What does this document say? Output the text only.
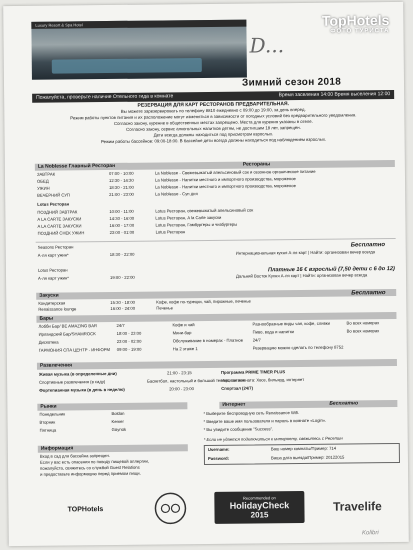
Luxury Resort & Spa Hotel
D...
TopHotels
ФОТО ТУРИСТА
Зимний сезон 2018
Пожалуйста, проверьте наличие Отельного гида в комнате	Время заселения 14:00 Время выселения 12:00
РЕЗЕРВАЦИЯ ДЛЯ КАРТ РЕСТОРАНОВ ПРЕДВАРИТЕЛЬНАЯ.
Вы можете зарезервировать по телефону 8810 ежедневно с 09:00 до 19:00, за день вперед.
Режим работы пунктов питания и их расположение могут изменяться в зависимости от погодных условий без предварительного уведомления.
Согласно закону, курение в общественных местах запрещено. Места для курения указаны в отеле.
Согласно закону, сервис алкогольных напитков детям, не достигшим 18 лет, запрещен.
Дети всегда должны находиться под присмотром взрослых.
Режим работы бассейнов: 09:00-18:00. В бассейне дети всегда должны находиться под наблюдением взрослых.
La Noblesse Главный Ресторан	Рестораны
ЗАВТРАК	07:00 - 10:00	La Noblesse - Свежевыжатый апельсиновый сок и сезонное органическое питание
ОБЕД	12:30 - 14:30	La Noblesse - Напитки местного и импортного производства, мороженое
УЖИН	18:30 - 21:00	La Noblesse - Напитки местного и импортного производства, мороженое
ВЕЧЕРНИЙ СУП	21:00 - 23:00	La Noblesse - Суп дня
Lotus Ресторан
ПОЗДНИЙ ЗАВТРАК	10:00 - 11:00	Lotus Ресторан, свежевыжатый апельсиновый сок
A LA CARTE ЗАКУСКИ	14:30 - 16:00	Lotus Ресторан, A la Carte закуски
A LA CARTE ЗАКУСКИ	16:00 - 17:00	Lotus Ресторан, Гамбургеры и чизбургеры
ПОЗДНИЙ СНЕК УЖИН	23:00 - 01:00	Lotus Ресторан
Seasons Ресторан	Бесплатно
A-ля карт ужин*	18:30 - 22:00	Интернациональная кухня A-ля карт | Найти: организован вечер всегда
Lotus Ресторан	Платные 16 € взрослый (7,50 дети с 6 до 12)
A-ля карт ужин*	19:00 - 22:00	Дальний Восток Кухня A-ля карт | Найти: организован вечер всегда
Закуски	Бесплатно
Кондитерская	15:30 - 18:00	Кофе, кофе по-турецки, чай, пирожные, печенье
Renaissance lounge	16:00 - 24:00	Печенье
Бары
Лобби Бар/ BE AMAZING BAR	24/7	Кофе и чай	Разнообразные виды чая, кофе, сливки	Во всех номерах
Ирландский Бар/SHAMROCK	18:00 - 23:00	Мини-бар	Пиво, вода и напитки	Во всех номерах
Дискотека	23:00 - 02:00	Обслуживание в номерах - Платное 24/7
ГАРМОНИЯ СПА ЦЕНТР - ИНФОРМ 09:00 - 19:00	На 2 этаже 1	Резервацию можно сделать по телефону 8752
Развлечения
Живая музыка (в определенные дни)	21:00 - 23:15
Спортивные развлечения (в саду)	Баскетбол, настольный и большой теннис, петанк
Фортепианная музыка (в день в неделю)	20:00 - 23:00
Программа PRIME TIMER PLUS
Игровая комната: Хвоз, бильярд, интернет
Спортзал (24/7)
Рынки	Интернет	Бесплатно
Понедельник	Boldan
Вторник	Kemer
Пятница	Göynük
* Выберите беспроводную сеть Renaissance Wifi.
* Введите ваше имя пользователя и пароль в комнате «Login».
* Вы увидите сообщение "Success".
* Если не удается подключиться к интернету, свяжитесь с Ресепшн
Информация
Вход в сад для бассейна запрещен.
Если у вас есть опасения по поводу пищевой аллергии,
пожалуйста, свяжитесь со службой Guest Relations
и предоставьте информацию перед приемом пищи.
Username:	Ваш номер комнаты/Пример: 714
Password:	Ваша дата выезда/Пример: 20122015
TOPHotels
Recommended on
HolidayCheck
2015
Travelife
Kolibri
